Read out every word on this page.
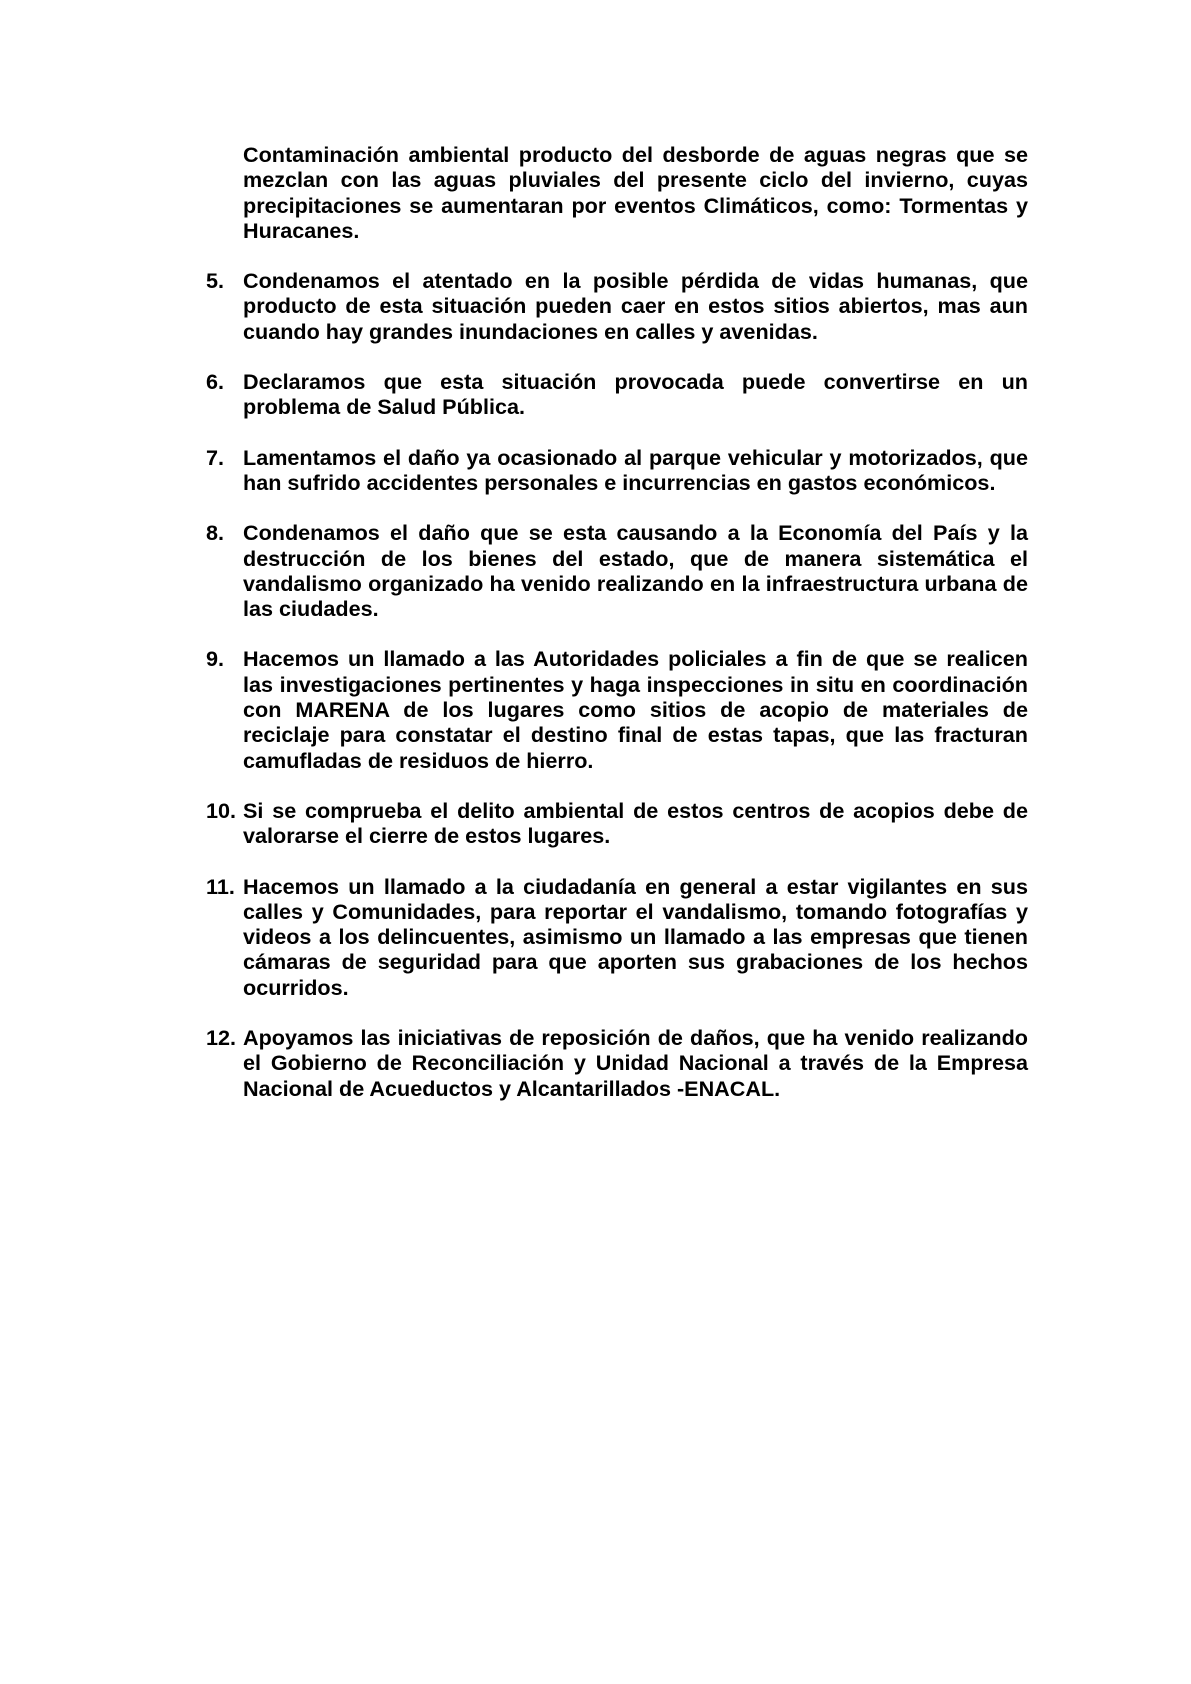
Contaminación ambiental producto del desborde de aguas negras que se mezclan con las aguas pluviales del presente ciclo del invierno, cuyas precipitaciones se aumentaran por eventos Climáticos, como: Tormentas y Huracanes.

5. Condenamos el atentado en la posible pérdida de vidas humanas, que producto de esta situación pueden caer en estos sitios abiertos, mas aun cuando hay grandes inundaciones en calles y avenidas.
6. Declaramos que esta situación provocada puede convertirse en un problema de Salud Pública.
7. Lamentamos el daño ya ocasionado al parque vehicular y motorizados, que han sufrido accidentes personales e incurrencias en gastos económicos.
8. Condenamos el daño que se esta causando a la Economía del País y la destrucción de los bienes del estado, que de manera sistemática el vandalismo organizado ha venido realizando en la infraestructura urbana de las ciudades.
9. Hacemos un llamado a las Autoridades policiales a fin de que se realicen las investigaciones pertinentes y haga inspecciones in situ en coordinación con MARENA de los lugares como sitios de acopio de materiales de reciclaje para constatar el destino final de estas tapas, que las fracturan camufladas de residuos de hierro.
10. Si se comprueba el delito ambiental de estos centros de acopios debe de valorarse el cierre de estos lugares.
11. Hacemos un llamado a la ciudadanía en general a estar vigilantes en sus calles y Comunidades, para reportar el vandalismo, tomando fotografías y videos a los delincuentes, asimismo un llamado a las empresas que tienen cámaras de seguridad para que aporten sus grabaciones de los hechos ocurridos.
12. Apoyamos las iniciativas de reposición de daños, que ha venido realizando el Gobierno de Reconciliación y Unidad Nacional a través de la Empresa Nacional de Acueductos y Alcantarillados -ENACAL.
